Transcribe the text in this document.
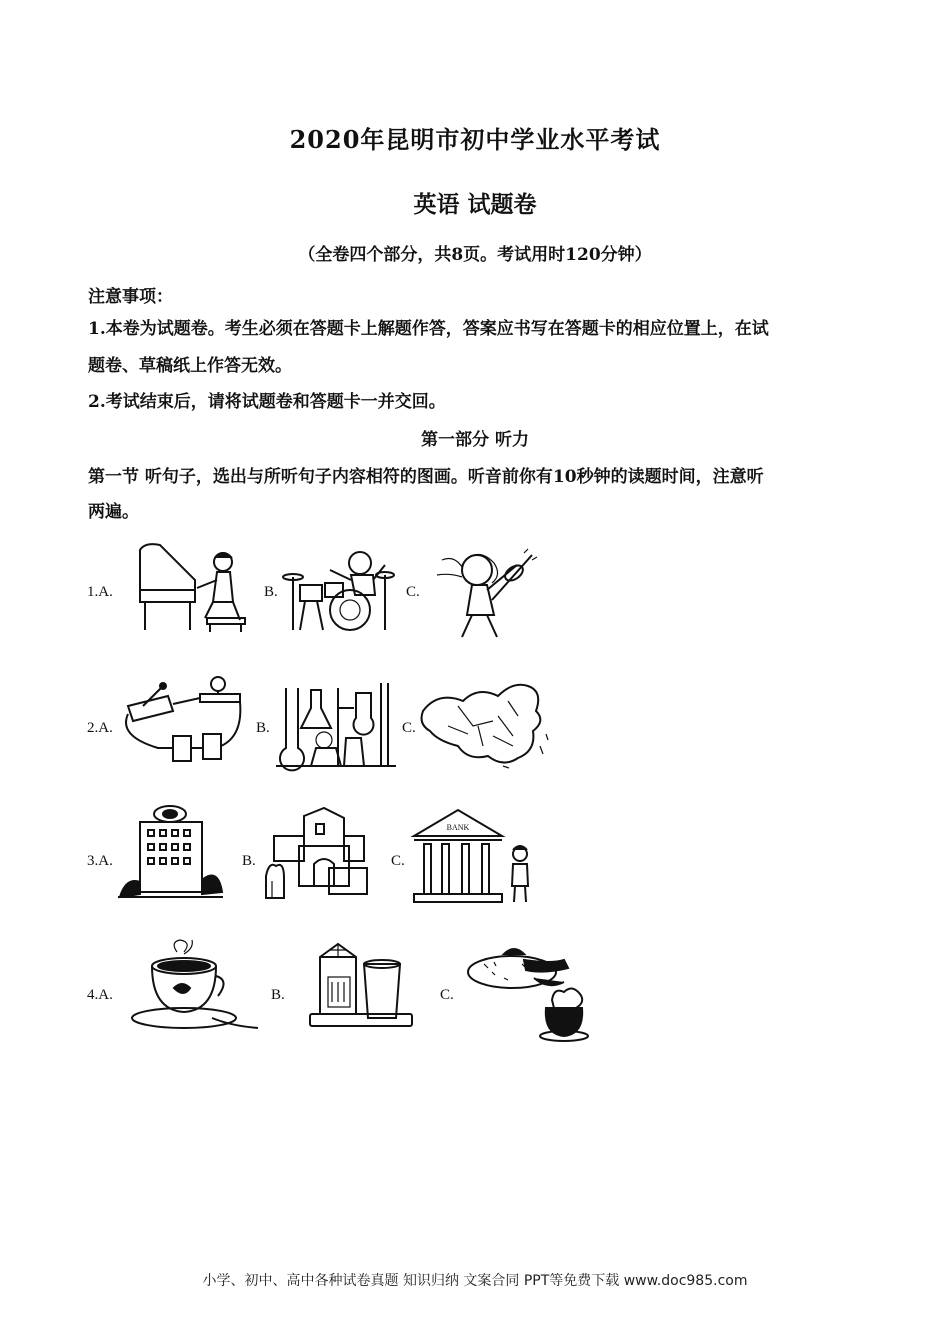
2020年昆明市初中学业水平考试
英语 试题卷
（全卷四个部分，共8页。考试用时120分钟）
注意事项：
1.本卷为试题卷。考生必须在答题卡上解题作答，答案应书写在答题卡的相应位置上，在试
题卷、草稿纸上作答无效。
2.考试结束后，请将试题卷和答题卡一并交回。
第一部分 听力
第一节 听句子，选出与所听句子内容相符的图画。听音前你有10秒钟的读题时间，注意听
两遍。
1.A.	B.	C.
2.A.	B.	C.
3.A.	B.	C.
BANK
4.A.	B.	C.
小学、初中、高中各种试卷真题 知识归纳 文案合同 PPT等免费下载 www.doc985.com
